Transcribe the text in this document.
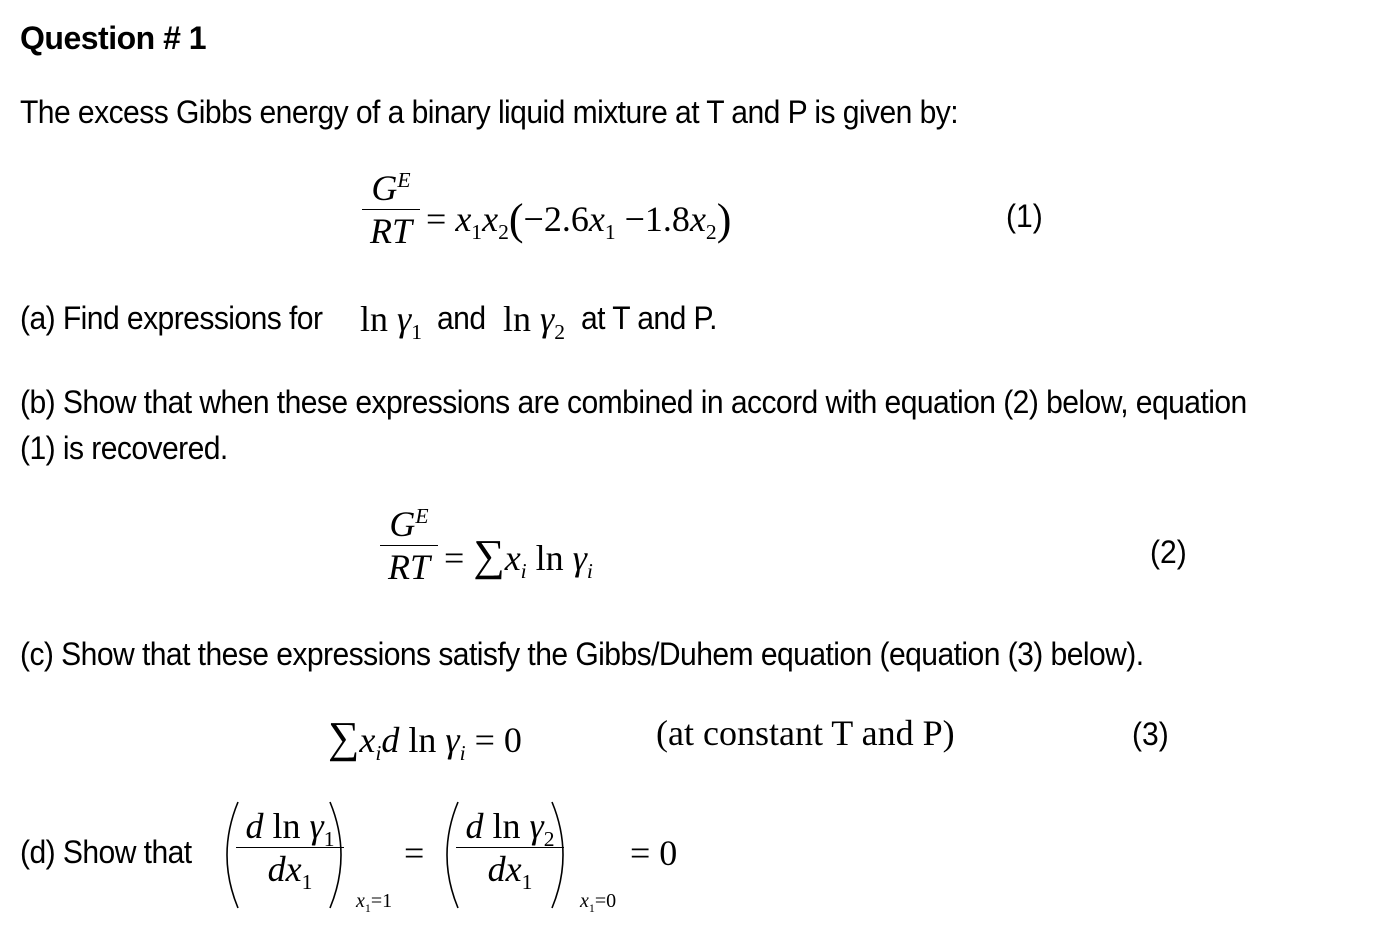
Question # 1
The excess Gibbs energy of a binary liquid mixture at T and P is given by:
$G^E$
RT = $x_1x_2(-2.6x_1 -1.8x_2)$	(1)
(a) Find expressions for	$\ln \gamma_1$ and $\ln \gamma_2$ at T and P.
(b) Show that when these expressions are combined in accord with equation (2) below, equation
(1) is recovered.
$G^E$
RT = $\sum x_i$ $\ln \gamma_i$
(2)
(c) Show that these expressions satisfy the Gibbs/Duhem equation (equation (3) below).
$\sum x_id$ $\ln \gamma_i = 0$	(at constant T and P)	(3)
(d) Show that
d $\ln \gamma_1$
$dx_1$
$x_1=1$
=
d $\ln \gamma_2$
$dx_1$
$x_1=0$
= 0
